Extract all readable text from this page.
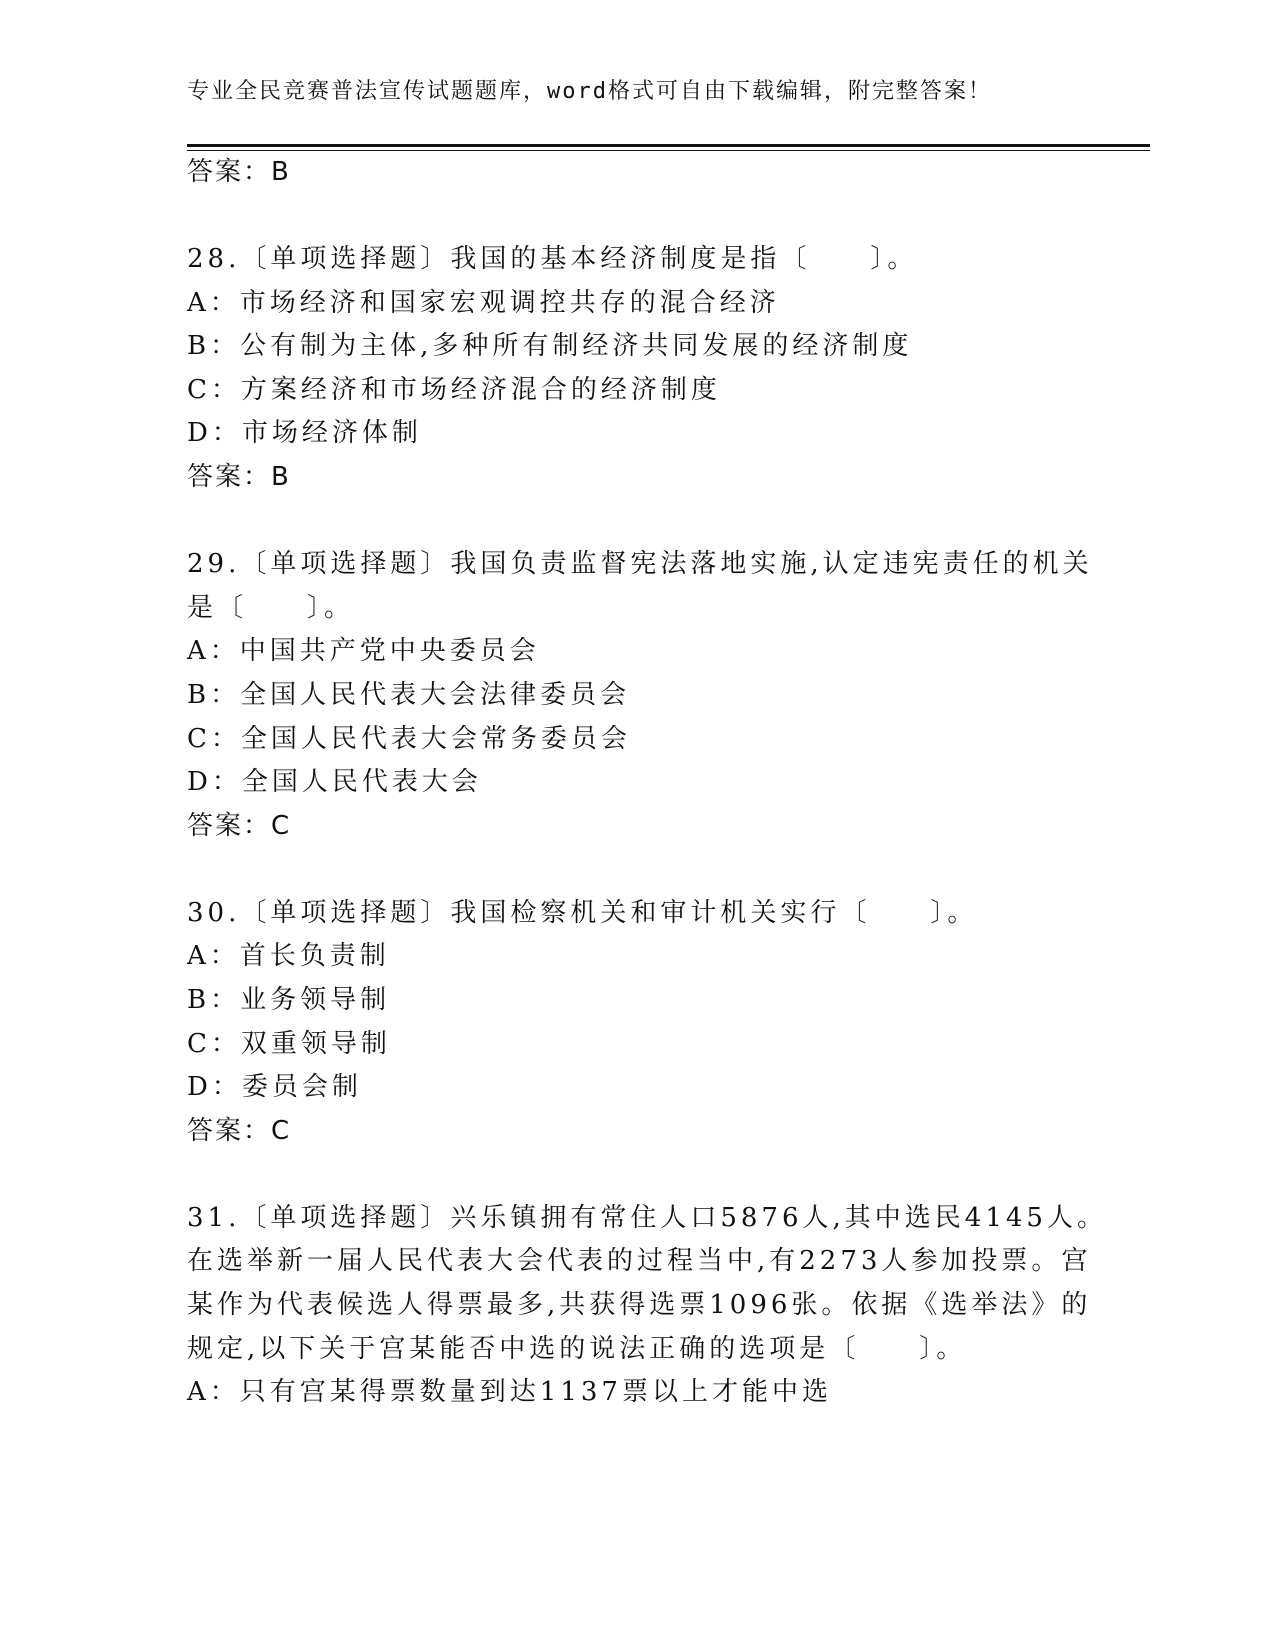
专业全民竞赛普法宣传试题题库，word格式可自由下载编辑，附完整答案！
答案：B
28.〔单项选择题〕我国的基本经济制度是指〔　　〕。
A：市场经济和国家宏观调控共存的混合经济
B：公有制为主体,多种所有制经济共同发展的经济制度
C：方案经济和市场经济混合的经济制度
D：市场经济体制
答案：B
29.〔单项选择题〕我国负责监督宪法落地实施,认定违宪责任的机关
是〔　　〕。
A：中国共产党中央委员会
B：全国人民代表大会法律委员会
C：全国人民代表大会常务委员会
D：全国人民代表大会
答案：C
30.〔单项选择题〕我国检察机关和审计机关实行〔　　〕。
A：首长负责制
B：业务领导制
C：双重领导制
D：委员会制
答案：C
31.〔单项选择题〕兴乐镇拥有常住人口5876人,其中选民4145人。
在选举新一届人民代表大会代表的过程当中,有2273人参加投票。宫
某作为代表候选人得票最多,共获得选票1096张。依据《选举法》的
规定,以下关于宫某能否中选的说法正确的选项是〔　　〕。
A：只有宫某得票数量到达1137票以上才能中选
